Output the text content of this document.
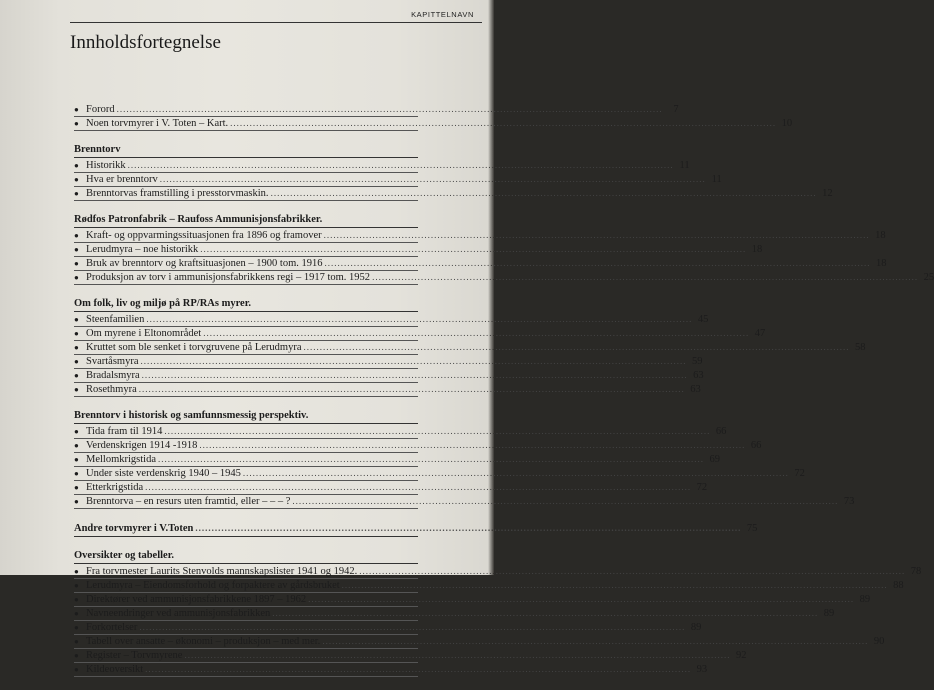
KAPITTELNAVN
Innholdsfortegnelse
● Forord .....	7
● Noen torvmyrer i V. Toten – Kart. .....	10
Brenntorv
● Historikk .....	11
● Hva er brenntorv .....	11
● Brenntorvas framstilling i presstorvmaskin. .....	12
Rødfos Patronfabrik – Raufoss Ammunisjonsfabrikker.
● Kraft- og oppvarmingssituasjonen fra 1896 og framover .....	18
● Lerudmyra – noe historikk .....	18
● Bruk av brenntorv og kraftsituasjonen – 1900 tom. 1916 .....	18
● Produksjon av torv i ammunisjonsfabrikkens regi – 1917 tom. 1952 .....	25
Om folk, liv og miljø på RP/RAs myrer.
● Steenfamilien .....	45
● Om myrene i Eltonområdet .....	47
● Kruttet som ble senket i torvgruvene på Lerudmyra .....	58
● Svartåsmyra .....	59
● Bradalsmyra .....	63
● Rosethmyra .....	63
Brenntorv i historisk og samfunnsmessig perspektiv.
● Tida fram til 1914 .....	66
● Verdenskrigen 1914 -1918 .....	66
● Mellomkrigstida .....	69
● Under siste verdenskrig 1940 – 1945 .....	72
● Etterkrigstida .....	72
● Brenntorva – en resurs uten framtid, eller – – – ? .....	73
Andre torvmyrer i V.Toten .....	75
Oversikter og tabeller.
● Fra torvmester Laurits Stenvolds mannskapslister 1941 og 1942. .....	78
● Lerudmyra – Eiendomsforhold og forpaktere av gårdsbruket .....	88
● Direktører ved ammunisjonsfabrikkene 1897 – 1962 .....	89
● Navneendringer ved ammunisjonsfabrikken .....	89
● Forkortelser .....	89
● Tabell over ansatte – økonomi – produksjon – med mer. .....	90
● Register – Torvmyrene .....	92
● Kildeoversikt .....	93
